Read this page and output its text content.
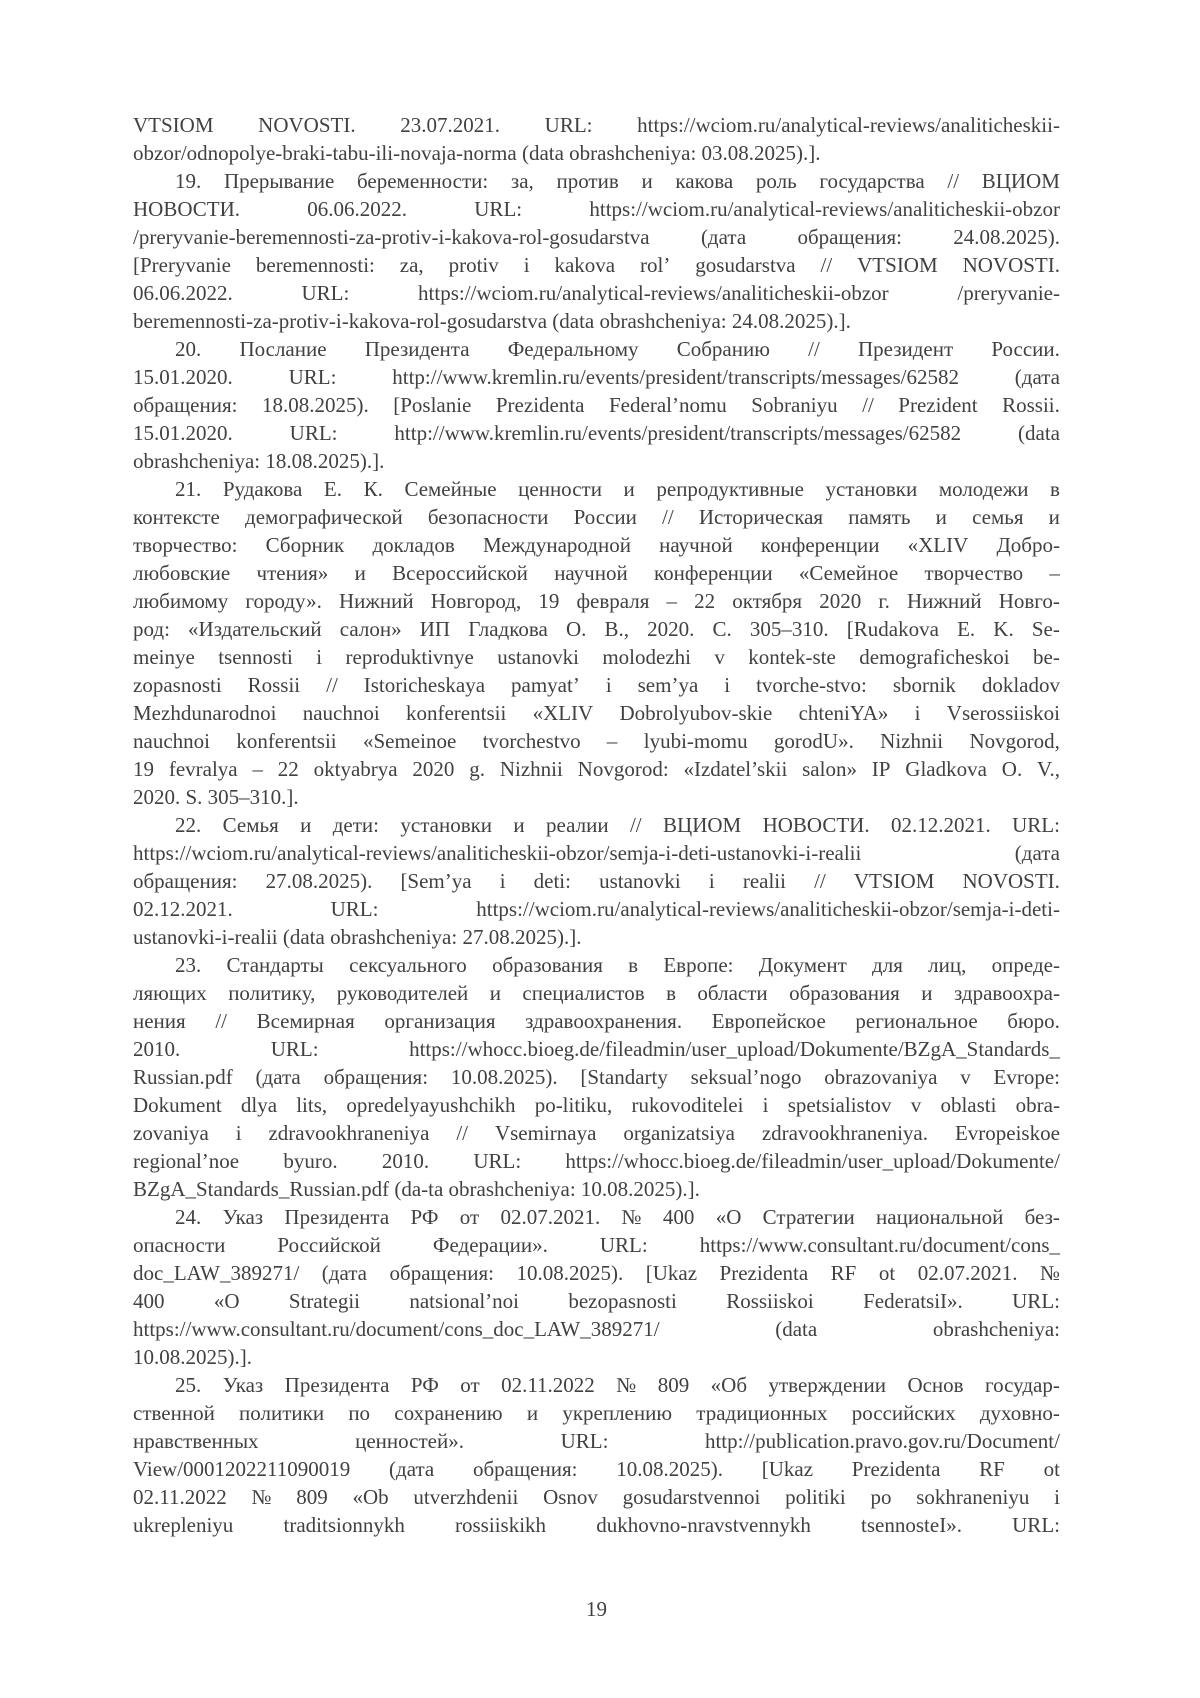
VTSIOM NOVOSTI. 23.07.2021. URL: https://wciom.ru/analytical-reviews/analiticheskii-
obzor/odnopolye-braki-tabu-ili-novaja-norma (data obrashcheniya: 03.08.2025).].
19. Прерывание беременности: за, против и какова роль государства // ВЦИОМ
НОВОСТИ.	06.06.2022.	URL:	https://wciom.ru/analytical-reviews/analiticheskii-obzor
/preryvanie-beremennosti-za-protiv-i-kakova-rol-gosudarstva (дата обращения: 24.08.2025).
[Preryvanie beremennosti: za, protiv i kakova rol’ gosudarstva // VTSIOM NOVOSTI.
06.06.2022.	URL:	https://wciom.ru/analytical-reviews/analiticheskii-obzor	/preryvanie-
beremennosti-za-protiv-i-kakova-rol-gosudarstva (data obrashcheniya: 24.08.2025).].
20. Послание Президента Федеральному Собранию // Президент России.
15.01.2020.	URL:	http://www.kremlin.ru/events/president/transcripts/messages/62582	(дата
обращения: 18.08.2025). [Poslanie Prezidenta Federal’nomu Sobraniyu // Prezident Rossii.
15.01.2020.	URL:	http://www.kremlin.ru/events/president/transcripts/messages/62582	(data
obrashcheniya: 18.08.2025).].
21. Рудакова Е. К. Семейные ценности и репродуктивные установки молодежи в
контексте демографической безопасности России // Историческая память и семья и
творчество: Сборник докладов Международной научной конференции «XLIV Добро-
любовские чтения» и Всероссийской научной конференции «Семейное творчество –
любимому городу». Нижний Новгород, 19 февраля – 22 октября 2020 г. Нижний Новго-
род: «Издательский салон» ИП Гладкова О. В., 2020. С. 305–310. [Rudakova E. K. Se-
meinye tsennosti i reproduktivnye ustanovki molodezhi v kontek-ste demograficheskoi be-
zopasnosti Rossii // Istoricheskaya pamyat’ i sem’ya i tvorche-stvo: sbornik dokladov
Mezhdunarodnoi nauchnoi konferentsii «XLIV Dobrolyubov-skie chteniYA» i Vserossiiskoi
nauchnoi konferentsii «Semeinoe tvorchestvo – lyubi-momu gorodU». Nizhnii Novgorod,
19 fevralya – 22 oktyabrya 2020 g. Nizhnii Novgorod: «Izdatel’skii salon» IP Gladkova O. V.,
2020. S. 305–310.].
22. Семья и дети: установки и реалии // ВЦИОМ НОВОСТИ. 02.12.2021. URL:
https://wciom.ru/analytical-reviews/analiticheskii-obzor/semja-i-deti-ustanovki-i-realii	(дата
обращения: 27.08.2025). [Sem’ya i deti: ustanovki i realii // VTSIOM NOVOSTI.
02.12.2021.	URL:	https://wciom.ru/analytical-reviews/analiticheskii-obzor/semja-i-deti-
ustanovki-i-realii (data obrashcheniya: 27.08.2025).].
23. Стандарты сексуального образования в Европе: Документ для лиц, опреде-
ляющих политику, руководителей и специалистов в области образования и здравоохра-
нения // Всемирная организация здравоохранения. Европейское региональное бюро.
2010.	URL:	https://whocc.bioeg.de/fileadmin/user_upload/Dokumente/BZgA_Standards_
Russian.pdf (дата обращения: 10.08.2025). [Standarty seksual’nogo obrazovaniya v Evrope:
Dokument dlya lits, opredelyayushchikh po-litiku, rukovoditelei i spetsialistov v oblasti obra-
zovaniya i zdravookhraneniya // Vsemirnaya organizatsiya zdravookhraneniya. Evropeiskoe
regional’noe byuro. 2010. URL: https://whocc.bioeg.de/fileadmin/user_upload/Dokumente/
BZgA_Standards_Russian.pdf (da-ta obrashcheniya: 10.08.2025).].
24. Указ Президента РФ от 02.07.2021. № 400 «О Стратегии национальной без-
опасности Российской Федерации». URL: https://www.consultant.ru/document/cons_
doc_LAW_389271/ (дата обращения: 10.08.2025). [Ukaz Prezidenta RF ot 02.07.2021. №
400 «O Strategii natsional’noi bezopasnosti Rossiiskoi FederatsiI». URL:
https://www.consultant.ru/document/cons_doc_LAW_389271/	(data	obrashcheniya:
10.08.2025).].
25. Указ Президента РФ от 02.11.2022 № 809 «Об утверждении Основ государ-
ственной политики по сохранению и укреплению традиционных российских духовно-
нравственных	ценностей».	URL:	http://publication.pravo.gov.ru/Document/
View/0001202211090019 (дата обращения: 10.08.2025). [Ukaz Prezidenta RF ot
02.11.2022 № 809 «Ob utverzhdenii Osnov gosudarstvennoi politiki po sokhraneniyu i
ukrepleniyu traditsionnykh rossiiskikh dukhovno-nravstvennykh tsennosteI». URL:
19
